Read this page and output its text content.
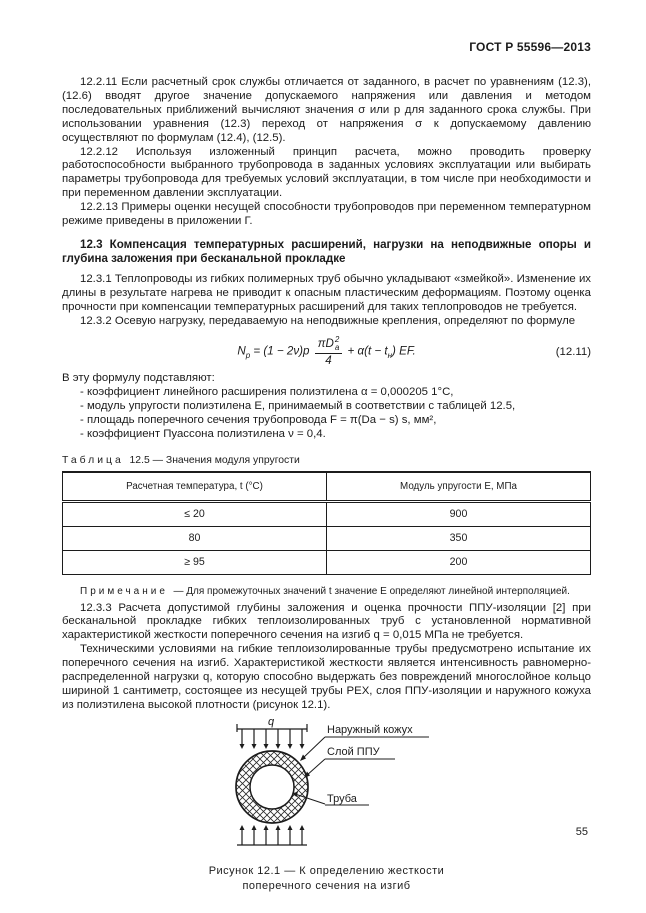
ГОСТ Р 55596—2013

12.2.11 Если расчетный срок службы отличается от заданного, в расчет по уравнениям (12.3), (12.6) вводят другое значение допускаемого напряжения или давления и методом последовательных приближений вычисляют значения σ или p для заданного срока службы. При использовании уравнения (12.3) переход от напряжения σ к допускаемому давлению осуществляют по формулам (12.4), (12.5).

12.2.12 Используя изложенный принцип расчета, можно проводить проверку работоспособности выбранного трубопровода в заданных условиях эксплуатации или выбирать параметры трубопровода для требуемых условий эксплуатации, в том числе при необходимости и при переменном давлении эксплуатации.

12.2.13 Примеры оценки несущей способности трубопроводов при переменном температурном режиме приведены в приложении Г.

12.3 Компенсация температурных расширений, нагрузки на неподвижные опоры и глубина заложения при бесканальной прокладке

12.3.1 Теплопроводы из гибких полимерных труб обычно укладывают «змейкой». Изменение их длины в результате нагрева не приводит к опасным пластическим деформациям. Поэтому оценка прочности при компенсации температурных расширений для таких теплопроводов не требуется.

12.3.2 Осевую нагрузку, передаваемую на неподвижные крепления, определяют по формуле

$N_р = (1 - 2\nu)p$ πD 2
а
$4 + \alpha(t - t_н)$ EF.	(12.11)

В эту формулу подставляют:

- коэффициент линейного расширения полиэтилена α = 0,000205 1°С,

- модуль упругости полиэтилена Е, принимаемый в соответствии с таблицей 12.5,

- площадь поперечного сечения трубопровода F = π(Dа − s) s, мм²,

- коэффициент Пуассона полиэтилена ν = 0,4.

Таблица 12.5 — Значения модуля упругости
Расчетная температура, t (°С)	Модуль упругости Е, МПа
≤ 20	900
80	350
≥ 95	200
Примечание — Для промежуточных значений t значение Е определяют линейной интерполяцией.

12.3.3 Расчета допустимой глубины заложения и оценка прочности ППУ-изоляции [2] при бесканальной прокладке гибких теплоизолированных труб с установленной нормативной характеристикой жесткости поперечного сечения на изгиб q = 0,015 МПа не требуется.

Техническими условиями на гибкие теплоизолированные трубы предусмотрено испытание их поперечного сечения на изгиб. Характеристикой жесткости является интенсивность равномерно-распределенной нагрузки q, которую способно выдержать без повреждений многослойное кольцо шириной 1 сантиметр, состоящее из несущей трубы РЕХ, слоя ППУ-изоляции и наружного кожуха из полиэтилена высокой плотности (рисунок 12.1).

q
Наружный кожух
Слой ППУ
Труба
Рисунок 12.1 — К определению жесткости
поперечного сечения на изгиб
55
